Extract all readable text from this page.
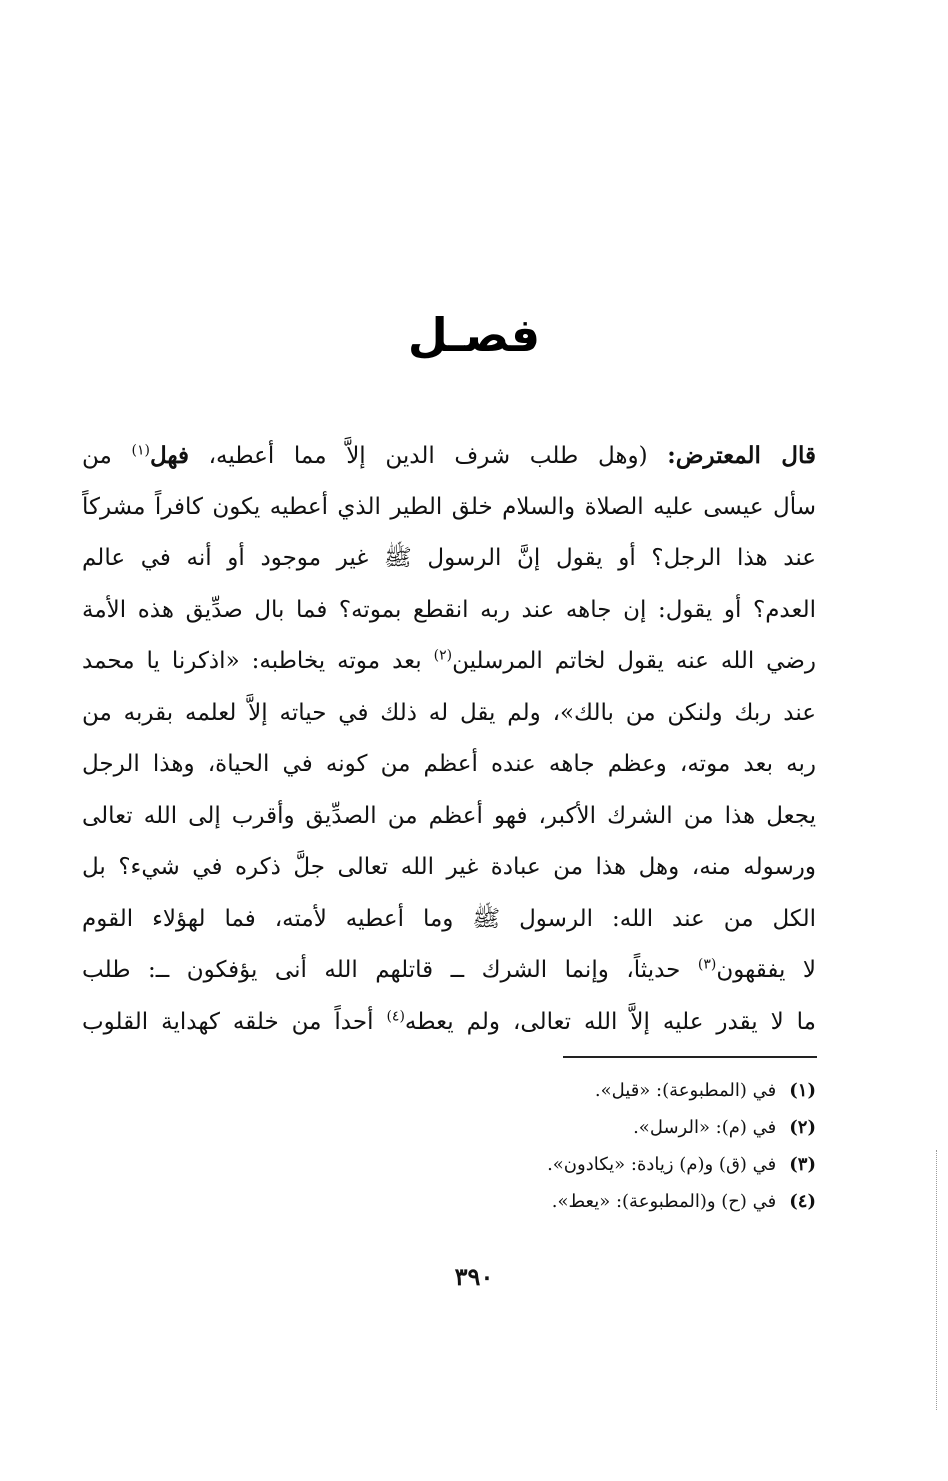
فصـل
قال المعترض: (وهل طلب شرف الدين إلاَّ مما أعطيه، فهل$^{(١)}$ من
سأل عيسى عليه الصلاة والسلام خلق الطير الذي أعطيه يكون كافراً مشركاً
عند هذا الرجل؟ أو يقول إنَّ الرسول ﷺ غير موجود أو أنه في عالم
العدم؟ أو يقول: إن جاهه عند ربه انقطع بموته؟ فما بال صدِّيق هذه الأمة
رضي الله عنه يقول لخاتم المرسلين$^{(٢)}$ بعد موته يخاطبه: «اذكرنا يا محمد
عند ربك ولنكن من بالك»، ولم يقل له ذلك في حياته إلاَّ لعلمه بقربه من
ربه بعد موته، وعظم جاهه عنده أعظم من كونه في الحياة، وهذا الرجل
يجعل هذا من الشرك الأكبر، فهو أعظم من الصدِّيق وأقرب إلى الله تعالى
ورسوله منه، وهل هذا من عبادة غير الله تعالى جلَّ ذكره في شيء؟ بل
الكل من عند الله: الرسول ﷺ وما أعطيه لأمته، فما لهؤلاء القوم
لا يفقهون$^{(٣)}$ حديثاً، وإنما الشرك ــ قاتلهم الله أنى يؤفكون ــ: طلب
ما لا يقدر عليه إلاَّ الله تعالى، ولم يعطه$^{(٤)}$ أحداً من خلقه كهداية القلوب
(١) في (المطبوعة): «قيل».
(٢) في (م): «الرسل».
(٣) في (ق) و(م) زيادة: «يكادون».
(٤) في (ح) و(المطبوعة): «يعط».
٣٩٠
